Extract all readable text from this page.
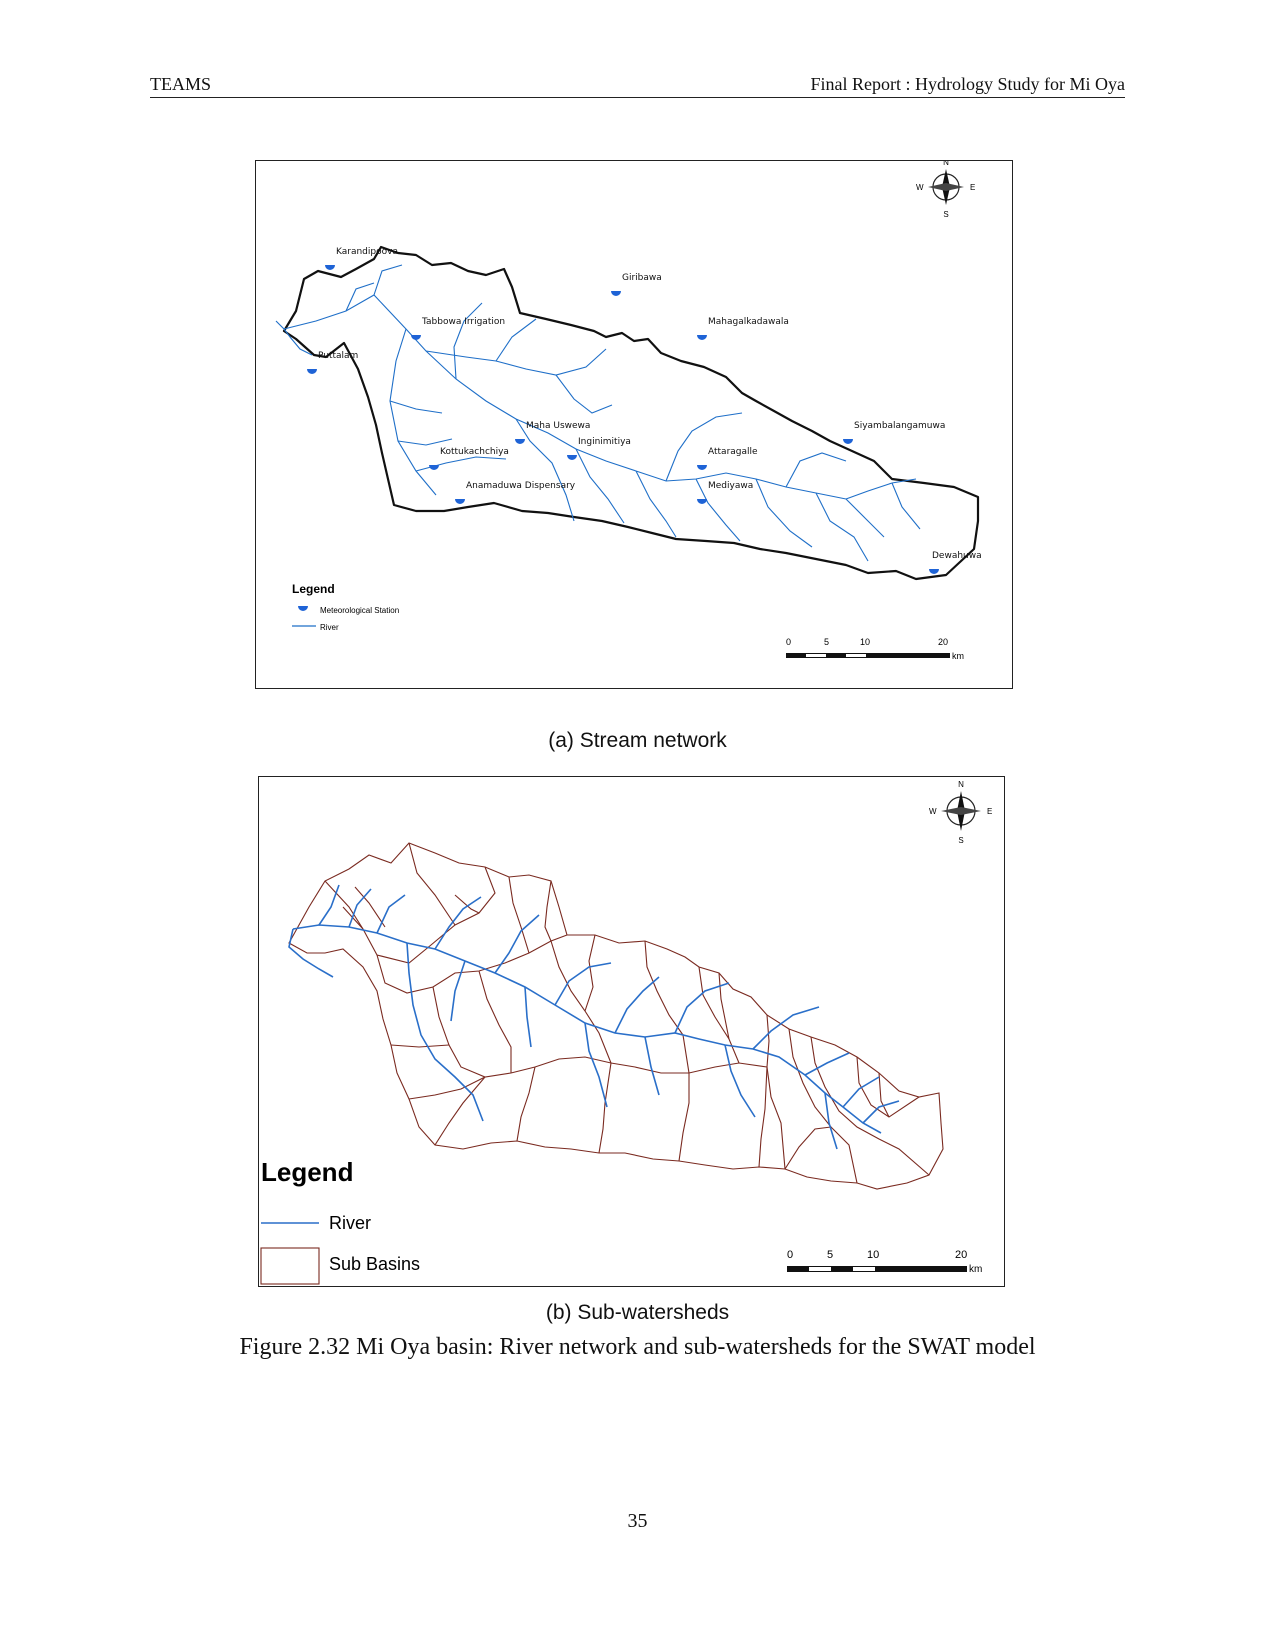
TEAMS	Final Report : Hydrology Study for Mi Oya
N
S
E
W
Karandipoova
Giribawa
Tabbowa Irrigation	Mahagalkadawala
Puttalam
Maha Uswewa
Inginimitiya
Siyambalangamuwa
Kottukachchiya	Attaragalle
Anamaduwa Dispensary	Mediyawa
Dewahuwa
Legend
Meteorological Station
River
0	5	10	20
km
(a) Stream network
N
S
E
W
Legend
River
Sub Basins	0	5	10	20
km
(b) Sub-watersheds
Figure 2.32 Mi Oya basin: River network and sub-watersheds for the SWAT model
35
